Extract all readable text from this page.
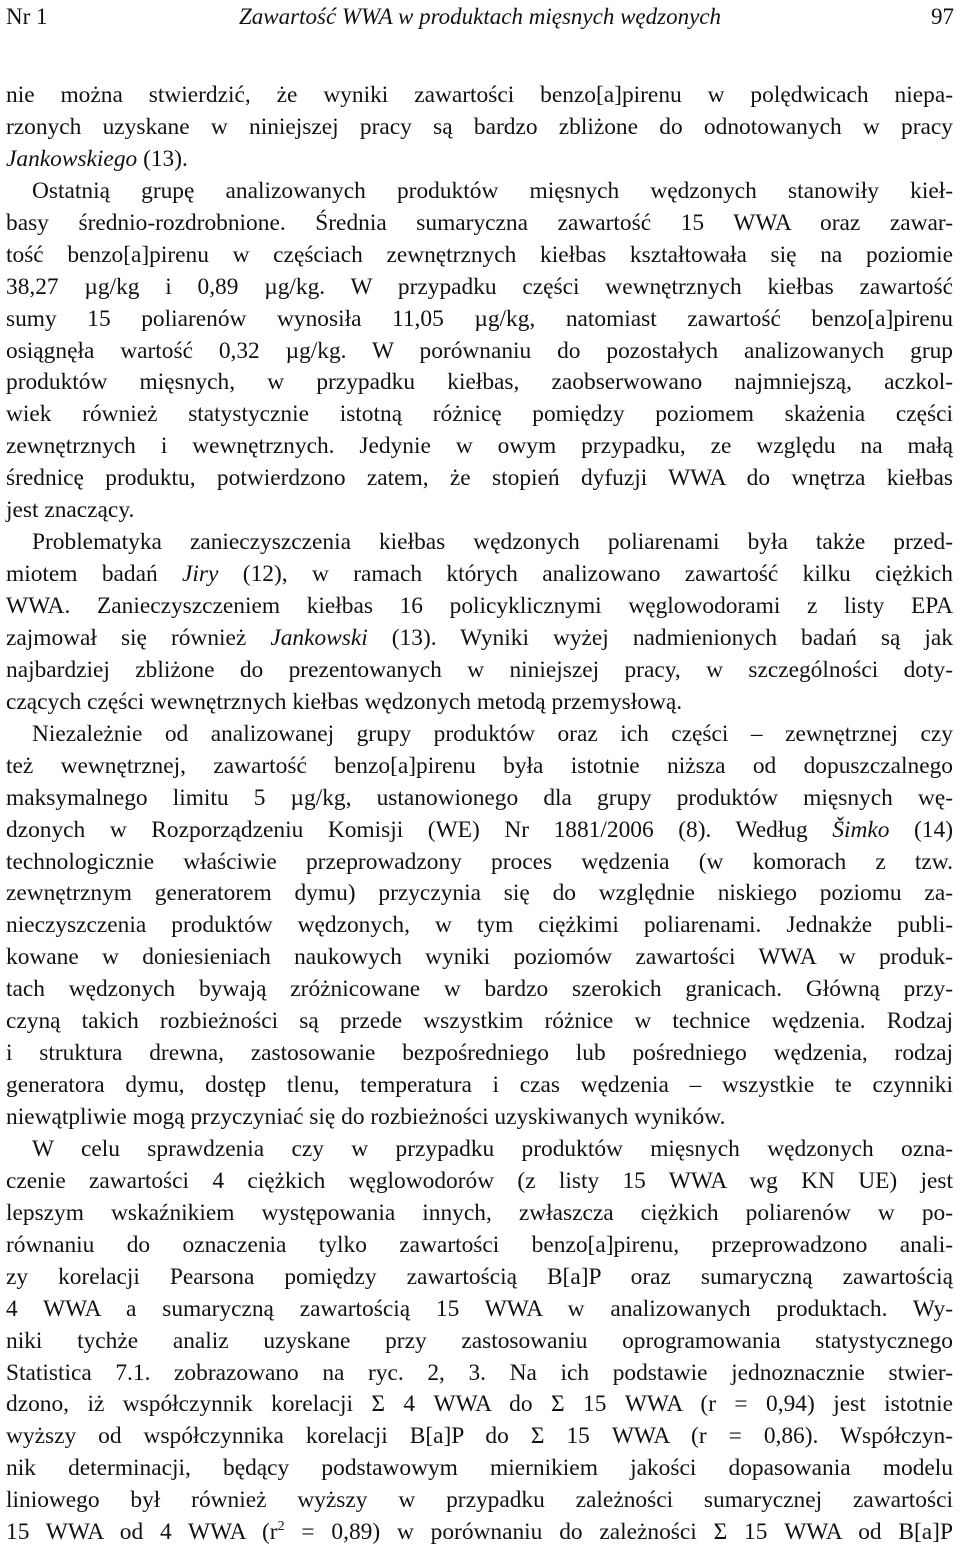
Nr 1	Zawartość WWA w produktach mięsnych wędzonych	97
nie można stwierdzić, że wyniki zawartości benzo[a]pirenu w polędwicach niepa-
rzonych uzyskane w niniejszej pracy są bardzo zbliżone do odnotowanych w pracy
Jankowskiego (13).
Ostatnią grupę analizowanych produktów mięsnych wędzonych stanowiły kieł-
basy średnio-rozdrobnione. Średnia sumaryczna zawartość 15 WWA oraz zawar-
tość benzo[a]pirenu w częściach zewnętrznych kiełbas kształtowała się na poziomie
38,27 µg/kg i 0,89 µg/kg. W przypadku części wewnętrznych kiełbas zawartość
sumy 15 poliarenów wynosiła 11,05 µg/kg, natomiast zawartość benzo[a]pirenu
osiągnęła wartość 0,32 µg/kg. W porównaniu do pozostałych analizowanych grup
produktów mięsnych, w przypadku kiełbas, zaobserwowano najmniejszą, aczkol-
wiek również statystycznie istotną różnicę pomiędzy poziomem skażenia części
zewnętrznych i wewnętrznych. Jedynie w owym przypadku, ze względu na małą
średnicę produktu, potwierdzono zatem, że stopień dyfuzji WWA do wnętrza kiełbas
jest znaczący.
Problematyka zanieczyszczenia kiełbas wędzonych poliarenami była także przed-
miotem badań Jiry (12), w ramach których analizowano zawartość kilku ciężkich
WWA. Zanieczyszczeniem kiełbas 16 policyklicznymi węglowodorami z listy EPA
zajmował się również Jankowski (13). Wyniki wyżej nadmienionych badań są jak
najbardziej zbliżone do prezentowanych w niniejszej pracy, w szczególności doty-
czących części wewnętrznych kiełbas wędzonych metodą przemysłową.
Niezależnie od analizowanej grupy produktów oraz ich części – zewnętrznej czy
też wewnętrznej, zawartość benzo[a]pirenu była istotnie niższa od dopuszczalnego
maksymalnego limitu 5 µg/kg, ustanowionego dla grupy produktów mięsnych wę-
dzonych w Rozporządzeniu Komisji (WE) Nr 1881/2006 (8). Według Šimko (14)
technologicznie właściwie przeprowadzony proces wędzenia (w komorach z tzw.
zewnętrznym generatorem dymu) przyczynia się do względnie niskiego poziomu za-
nieczyszczenia produktów wędzonych, w tym ciężkimi poliarenami. Jednakże publi-
kowane w doniesieniach naukowych wyniki poziomów zawartości WWA w produk-
tach wędzonych bywają zróżnicowane w bardzo szerokich granicach. Główną przy-
czyną takich rozbieżności są przede wszystkim różnice w technice wędzenia. Rodzaj
i struktura drewna, zastosowanie bezpośredniego lub pośredniego wędzenia, rodzaj
generatora dymu, dostęp tlenu, temperatura i czas wędzenia – wszystkie te czynniki
niewątpliwie mogą przyczyniać się do rozbieżności uzyskiwanych wyników.
W celu sprawdzenia czy w przypadku produktów mięsnych wędzonych ozna-
czenie zawartości 4 ciężkich węglowodorów (z listy 15 WWA wg KN UE) jest
lepszym wskaźnikiem występowania innych, zwłaszcza ciężkich poliarenów w po-
równaniu do oznaczenia tylko zawartości benzo[a]pirenu, przeprowadzono anali-
zy korelacji Pearsona pomiędzy zawartością B[a]P oraz sumaryczną zawartością
4 WWA a sumaryczną zawartością 15 WWA w analizowanych produktach. Wy-
niki tychże analiz uzyskane przy zastosowaniu oprogramowania statystycznego
Statistica 7.1. zobrazowano na ryc. 2, 3. Na ich podstawie jednoznacznie stwier-
dzono, iż współczynnik korelacji Σ 4 WWA do Σ 15 WWA (r = 0,94) jest istotnie
wyższy od współczynnika korelacji B[a]P do Σ 15 WWA (r = 0,86). Współczyn-
nik determinacji, będący podstawowym miernikiem jakości dopasowania modelu
liniowego był również wyższy w przypadku zależności sumarycznej zawartości
15 WWA od 4 WWA $(r^2 = 0,89)$ w porównaniu do zależności Σ 15 WWA od B[a]P
